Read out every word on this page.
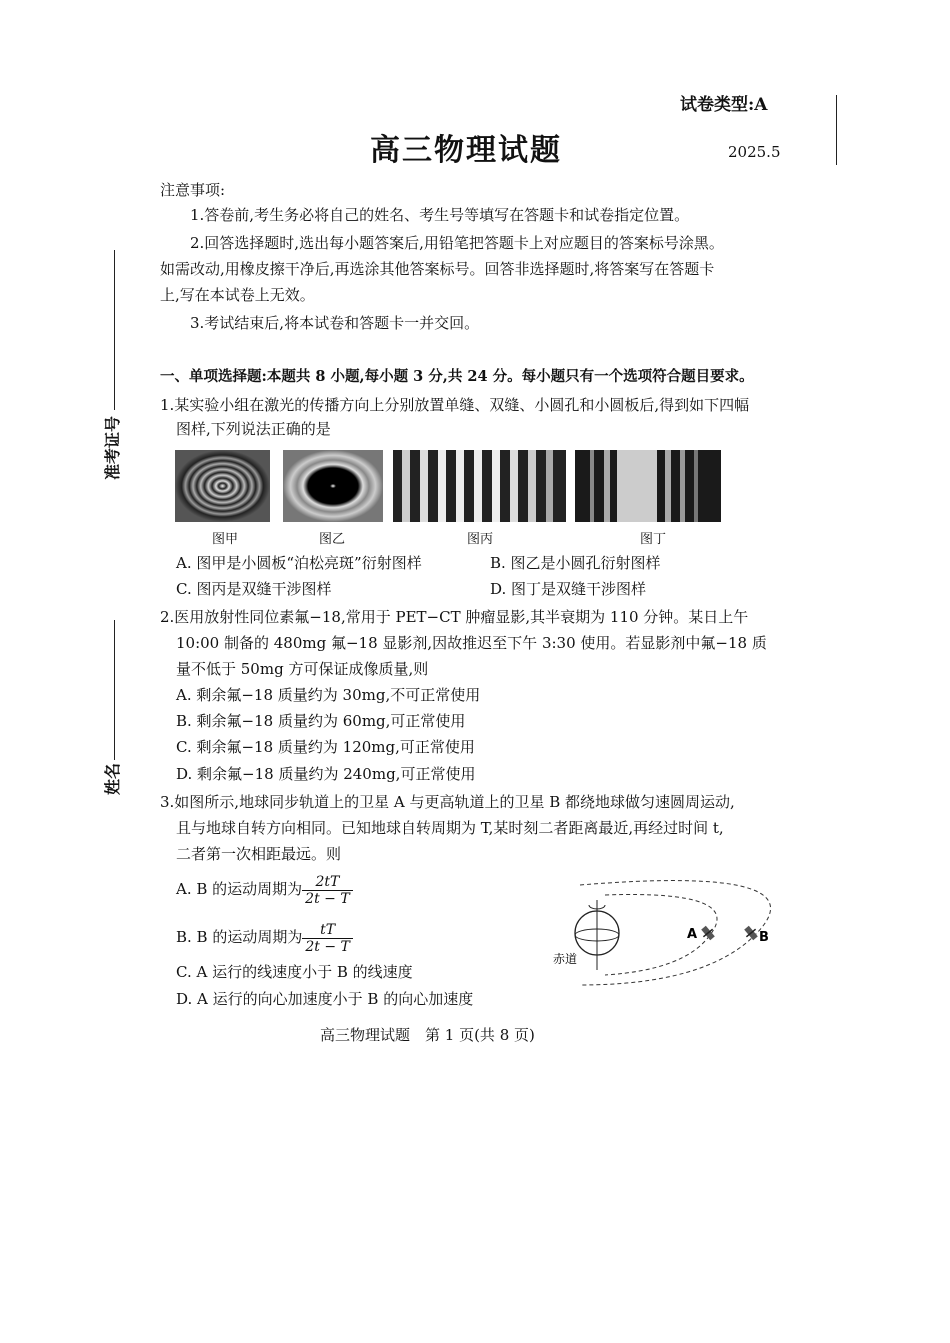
准考证号
姓名
试卷类型:A
高三物理试题	2025.5
注意事项:
1.答卷前,考生务必将自己的姓名、考生号等填写在答题卡和试卷指定位置。
2.回答选择题时,选出每小题答案后,用铅笔把答题卡上对应题目的答案标号涂黑。
如需改动,用橡皮擦干净后,再选涂其他答案标号。回答非选择题时,将答案写在答题卡
上,写在本试卷上无效。
3.考试结束后,将本试卷和答题卡一并交回。
一、单项选择题:本题共 8 小题,每小题 3 分,共 24 分。每小题只有一个选项符合题目要求。
1.某实验小组在激光的传播方向上分别放置单缝、双缝、小圆孔和小圆板后,得到如下四幅
图样,下列说法正确的是
图甲	图乙	图丙	图丁
A. 图甲是小圆板“泊松亮斑”衍射图样	B. 图乙是小圆孔衍射图样
C. 图丙是双缝干涉图样	D. 图丁是双缝干涉图样
2.医用放射性同位素氟−18,常用于 PET−CT 肿瘤显影,其半衰期为 110 分钟。某日上午
10:00 制备的 480mg 氟−18 显影剂,因故推迟至下午 3:30 使用。若显影剂中氟−18 质
量不低于 50mg 方可保证成像质量,则
A. 剩余氟−18 质量约为 30mg,不可正常使用
B. 剩余氟−18 质量约为 60mg,可正常使用
C. 剩余氟−18 质量约为 120mg,可正常使用
D. 剩余氟−18 质量约为 240mg,可正常使用
3.如图所示,地球同步轨道上的卫星 A 与更高轨道上的卫星 B 都绕地球做匀速圆周运动,
且与地球自转方向相同。已知地球自转周期为 T,某时刻二者距离最近,再经过时间 t,
二者第一次相距最远。则
A. B 的运动周期为 $\frac{2tT}{2t - T}$
B. B 的运动周期为 $\frac{tT}{2t - T}$
C. A 运行的线速度小于 B 的线速度
D. A 运行的向心加速度小于 B 的向心加速度
A	B
赤道
高三物理试题　第 1 页(共 8 页)
